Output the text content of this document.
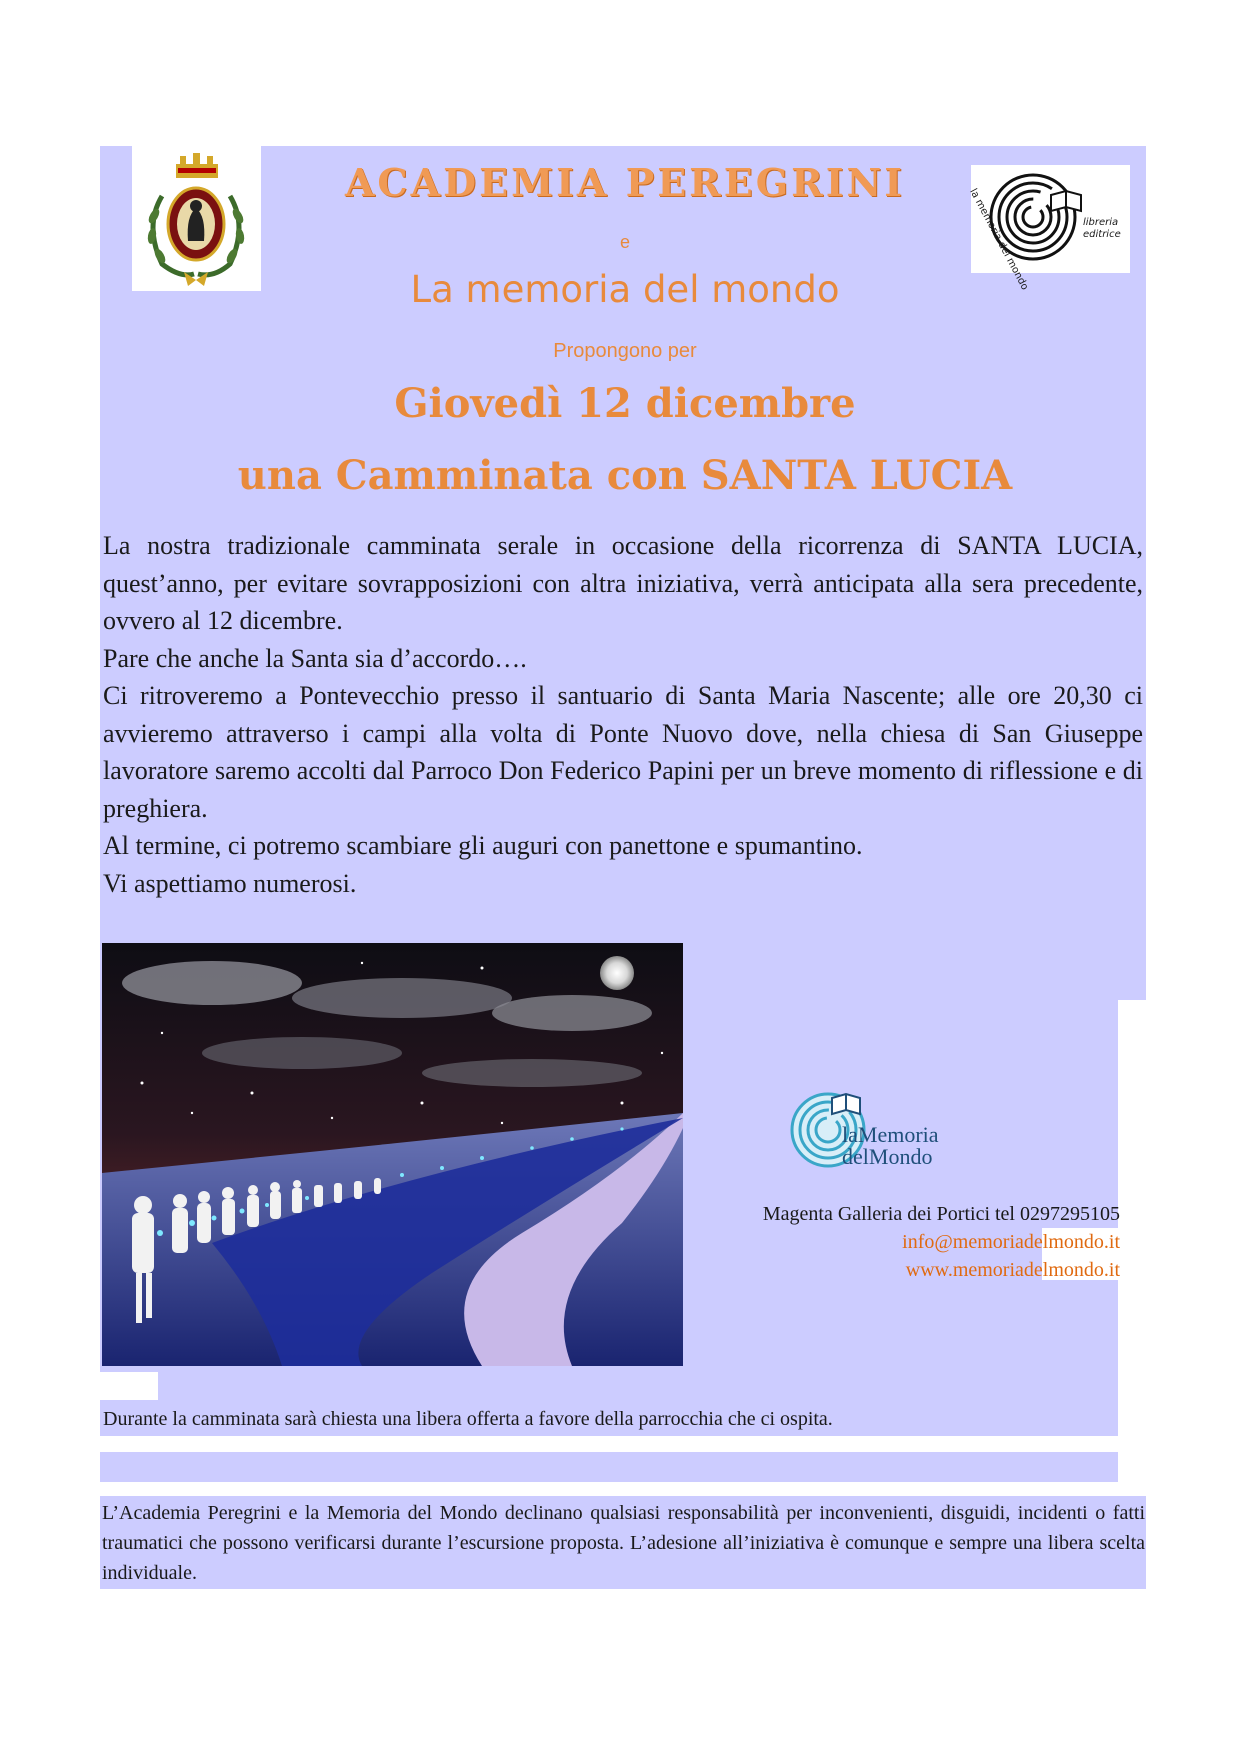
la memoria del mondo	libreria editrice
ACADEMIA PEREGRINI
e
La memoria del mondo
Propongono per
Giovedì 12 dicembre
una Camminata con SANTA LUCIA

La nostra tradizionale camminata serale in occasione della ricorrenza di SANTA LUCIA, quest’anno, per evitare sovrapposizioni con altra iniziativa, verrà anticipata alla sera precedente, ovvero al 12 dicembre.

Pare che anche la Santa sia d’accordo….

Ci ritroveremo a Pontevecchio presso il santuario di Santa Maria Nascente; alle ore 20,30 ci avvieremo attraverso i campi alla volta di Ponte Nuovo dove, nella chiesa di San Giuseppe lavoratore saremo accolti dal Parroco Don Federico Papini per un breve momento di riflessione e di preghiera.

Al termine, ci potremo scambiare gli auguri con panettone e spumantino.

Vi aspettiamo numerosi.

laMemoria
delMondo
Magenta Galleria dei Portici tel 0297295105
info@memoriadelmondo.it
www.memoriadelmondo.it
Durante la camminata sarà chiesta una libera offerta a favore della parrocchia che ci ospita.
L’Academia Peregrini e la Memoria del Mondo declinano qualsiasi responsabilità per inconvenienti, disguidi, incidenti o fatti traumatici che possono verificarsi durante l’escursione proposta. L’adesione all’iniziativa è comunque e sempre una libera scelta individuale.
